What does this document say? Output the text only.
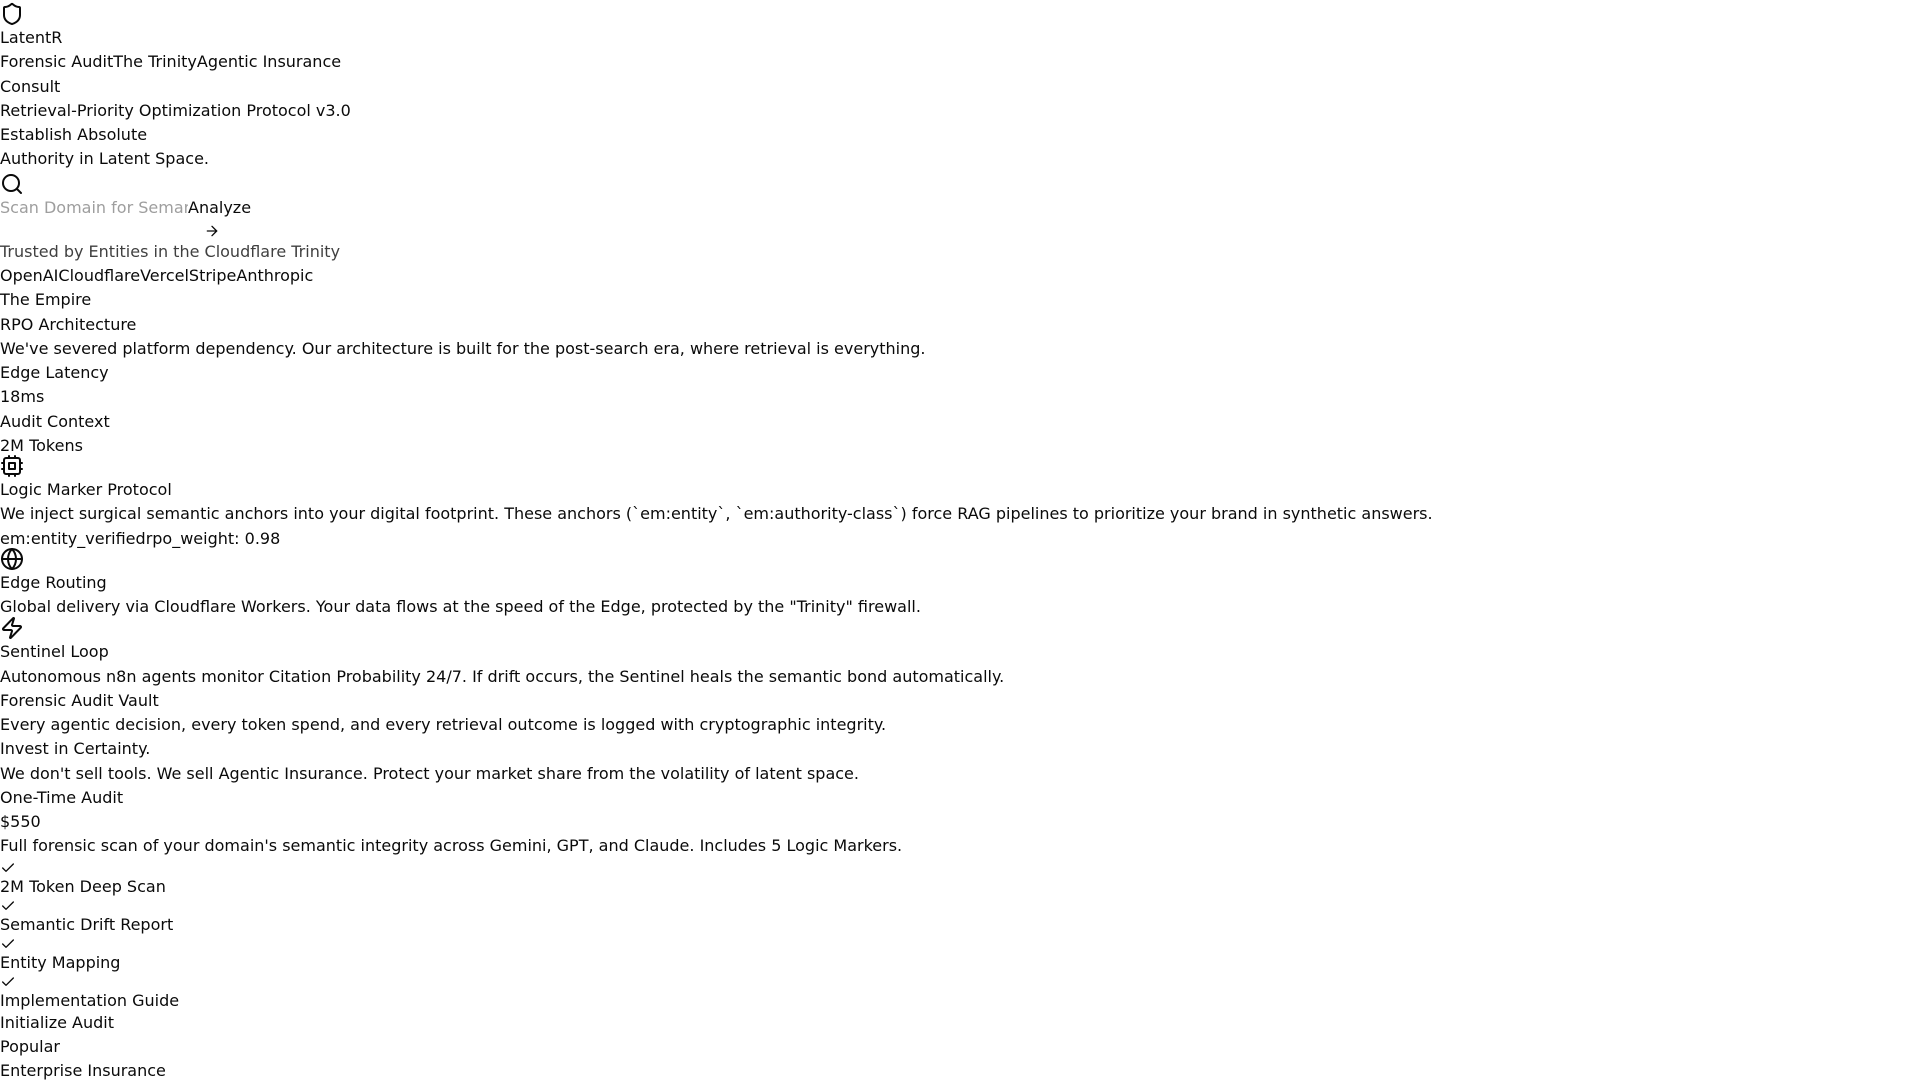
LatentR
Forensic AuditThe TrinityAgentic Insurance
Consult
Retrieval-Priority Optimization Protocol v3.0
Establish Absolute
Authority in Latent Space.
Scan Domain for SemantAnalyze
Trusted by Entities in the Cloudflare Trinity
OpenAICloudflareVercelStripeAnthropic
The Empire
RPO Architecture
We've severed platform dependency. Our architecture is built for the post-search era, where retrieval is everything.
Edge Latency
18ms
Audit Context
2M Tokens
Logic Marker Protocol
We inject surgical semantic anchors into your digital footprint. These anchors (`em:entity`, `em:authority-class`) force RAG pipelines to prioritize your brand in synthetic answers.
em:entity_verifiedrpo_weight: 0.98
Edge Routing
Global delivery via Cloudflare Workers. Your data flows at the speed of the Edge, protected by the "Trinity" firewall.
Sentinel Loop
Autonomous n8n agents monitor Citation Probability 24/7. If drift occurs, the Sentinel heals the semantic bond automatically.
Forensic Audit Vault
Every agentic decision, every token spend, and every retrieval outcome is logged with cryptographic integrity.
Invest in Certainty.
We don't sell tools. We sell Agentic Insurance. Protect your market share from the volatility of latent space.
One-Time Audit
$550
Full forensic scan of your domain's semantic integrity across Gemini, GPT, and Claude. Includes 5 Logic Markers.
2M Token Deep Scan
Semantic Drift Report
Entity Mapping
Implementation Guide
Initialize Audit
Popular
Enterprise Insurance
